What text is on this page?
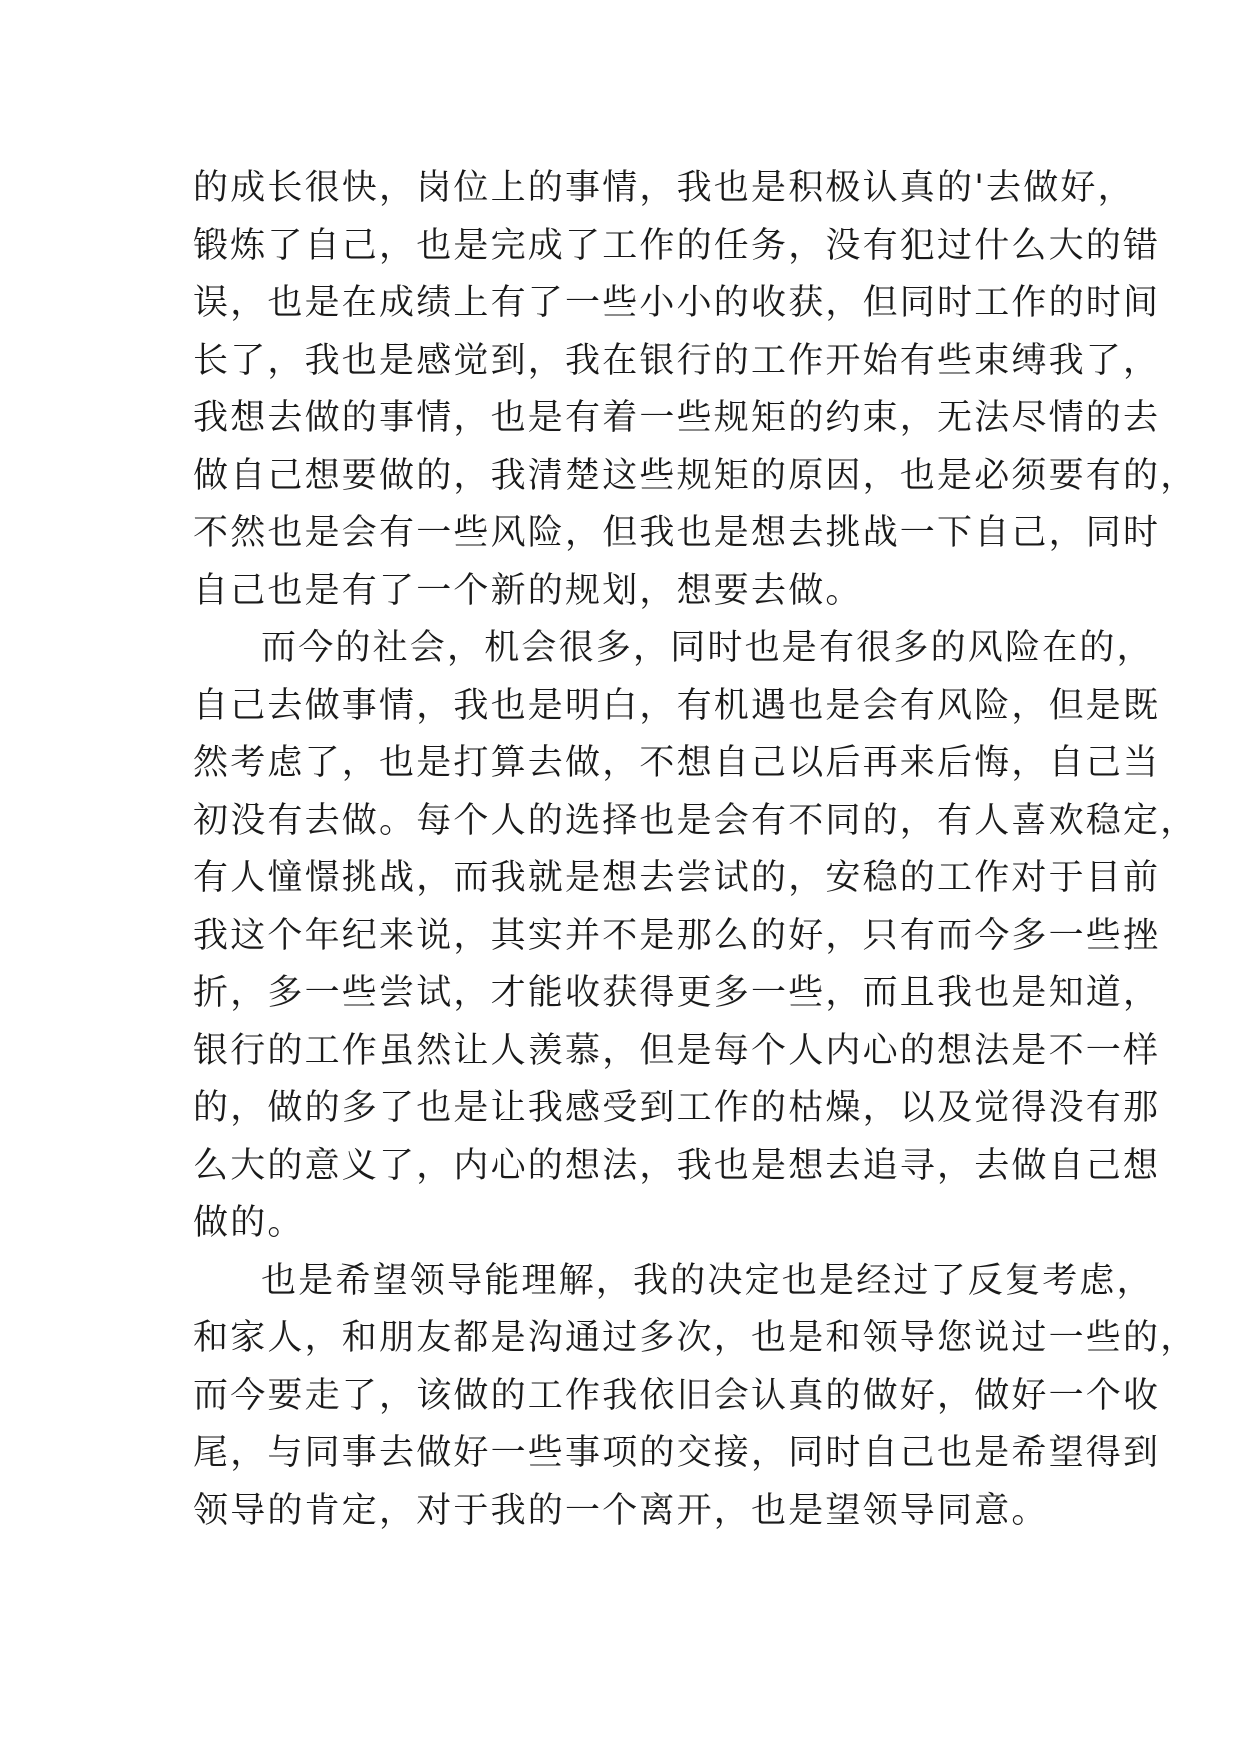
的成长很快，岗位上的事情，我也是积极认真的'去做好，
锻炼了自己，也是完成了工作的任务，没有犯过什么大的错
误，也是在成绩上有了一些小小的收获，但同时工作的时间
长了，我也是感觉到，我在银行的工作开始有些束缚我了，
我想去做的事情，也是有着一些规矩的约束，无法尽情的去
做自己想要做的，我清楚这些规矩的原因，也是必须要有的，
不然也是会有一些风险，但我也是想去挑战一下自己，同时
自己也是有了一个新的规划，想要去做。
而今的社会，机会很多，同时也是有很多的风险在的，
自己去做事情，我也是明白，有机遇也是会有风险，但是既
然考虑了，也是打算去做，不想自己以后再来后悔，自己当
初没有去做。每个人的选择也是会有不同的，有人喜欢稳定，
有人憧憬挑战，而我就是想去尝试的，安稳的工作对于目前
我这个年纪来说，其实并不是那么的好，只有而今多一些挫
折，多一些尝试，才能收获得更多一些，而且我也是知道，
银行的工作虽然让人羡慕，但是每个人内心的想法是不一样
的，做的多了也是让我感受到工作的枯燥，以及觉得没有那
么大的意义了，内心的想法，我也是想去追寻，去做自己想
做的。
也是希望领导能理解，我的决定也是经过了反复考虑，
和家人，和朋友都是沟通过多次，也是和领导您说过一些的，
而今要走了，该做的工作我依旧会认真的做好，做好一个收
尾，与同事去做好一些事项的交接，同时自己也是希望得到
领导的肯定，对于我的一个离开，也是望领导同意。
